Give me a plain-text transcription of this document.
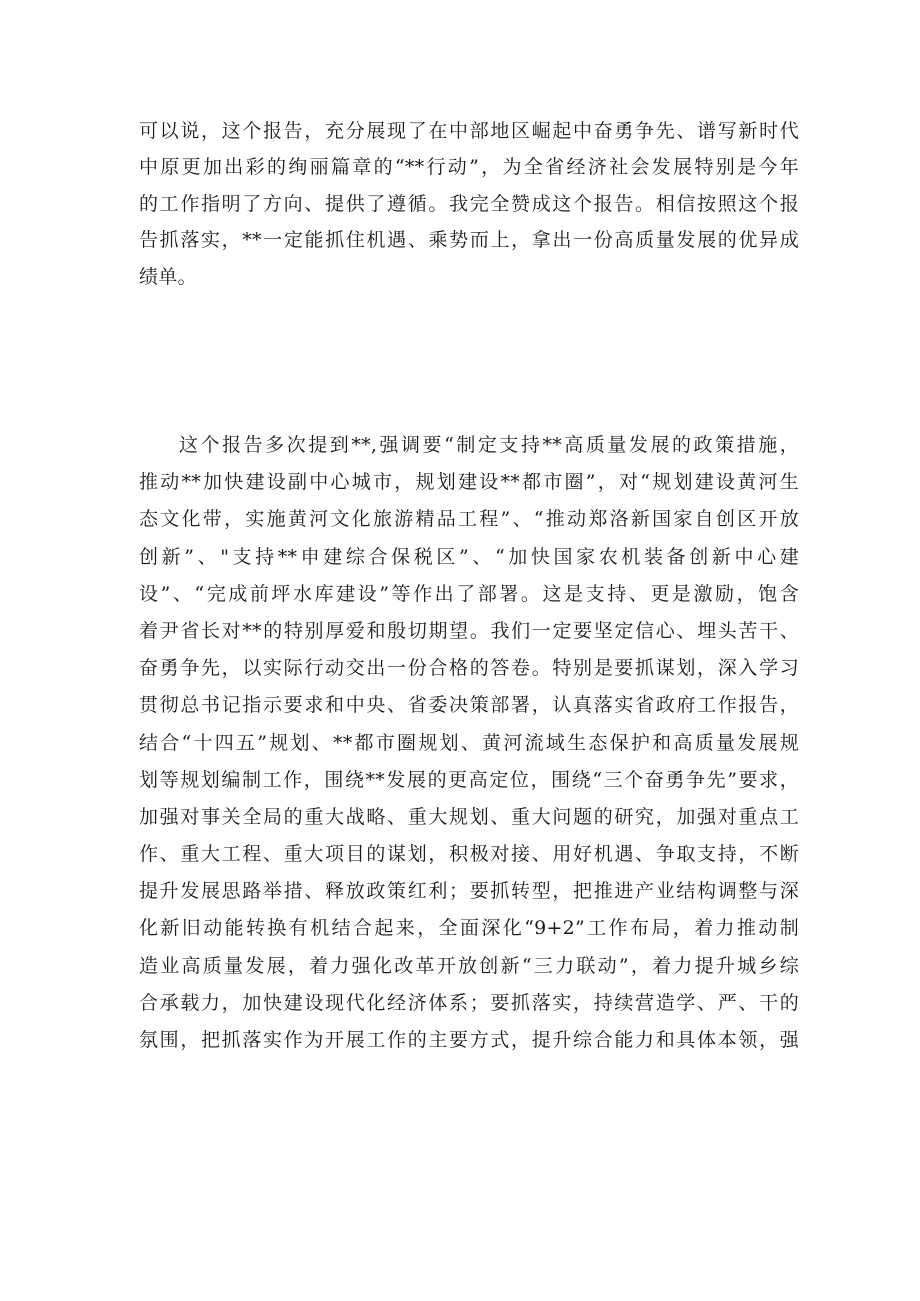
可以说，这个报告，充分展现了在中部地区崛起中奋勇争先、谱写新时代
中原更加出彩的绚丽篇章的“**行动”，为全省经济社会发展特别是今年
的工作指明了方向、提供了遵循。我完全赞成这个报告。相信按照这个报
告抓落实，**一定能抓住机遇、乘势而上，拿出一份高质量发展的优异成
绩单。

这个报告多次提到**,强调要“制定支持**高质量发展的政策措施，
推动**加快建设副中心城市，规划建设**都市圈”，对“规划建设黄河生
态文化带，实施黄河文化旅游精品工程”、“推动郑洛新国家自创区开放
创新”、"支持**申建综合保税区”、“加快国家农机装备创新中心建
设”、“完成前坪水库建设”等作出了部署。这是支持、更是激励，饱含
着尹省长对**的特别厚爱和殷切期望。我们一定要坚定信心、埋头苦干、
奋勇争先，以实际行动交出一份合格的答卷。特别是要抓谋划，深入学习
贯彻总书记指示要求和中央、省委决策部署，认真落实省政府工作报告，
结合“十四五”规划、**都市圈规划、黄河流域生态保护和高质量发展规
划等规划编制工作，围绕**发展的更高定位，围绕“三个奋勇争先”要求，
加强对事关全局的重大战略、重大规划、重大问题的研究，加强对重点工
作、重大工程、重大项目的谋划，积极对接、用好机遇、争取支持，不断
提升发展思路举措、释放政策红利；要抓转型，把推进产业结构调整与深
化新旧动能转换有机结合起来，全面深化“9+2”工作布局，着力推动制
造业高质量发展，着力强化改革开放创新“三力联动”，着力提升城乡综
合承载力，加快建设现代化经济体系；要抓落实，持续营造学、严、干的
氛围，把抓落实作为开展工作的主要方式，提升综合能力和具体本领，强
